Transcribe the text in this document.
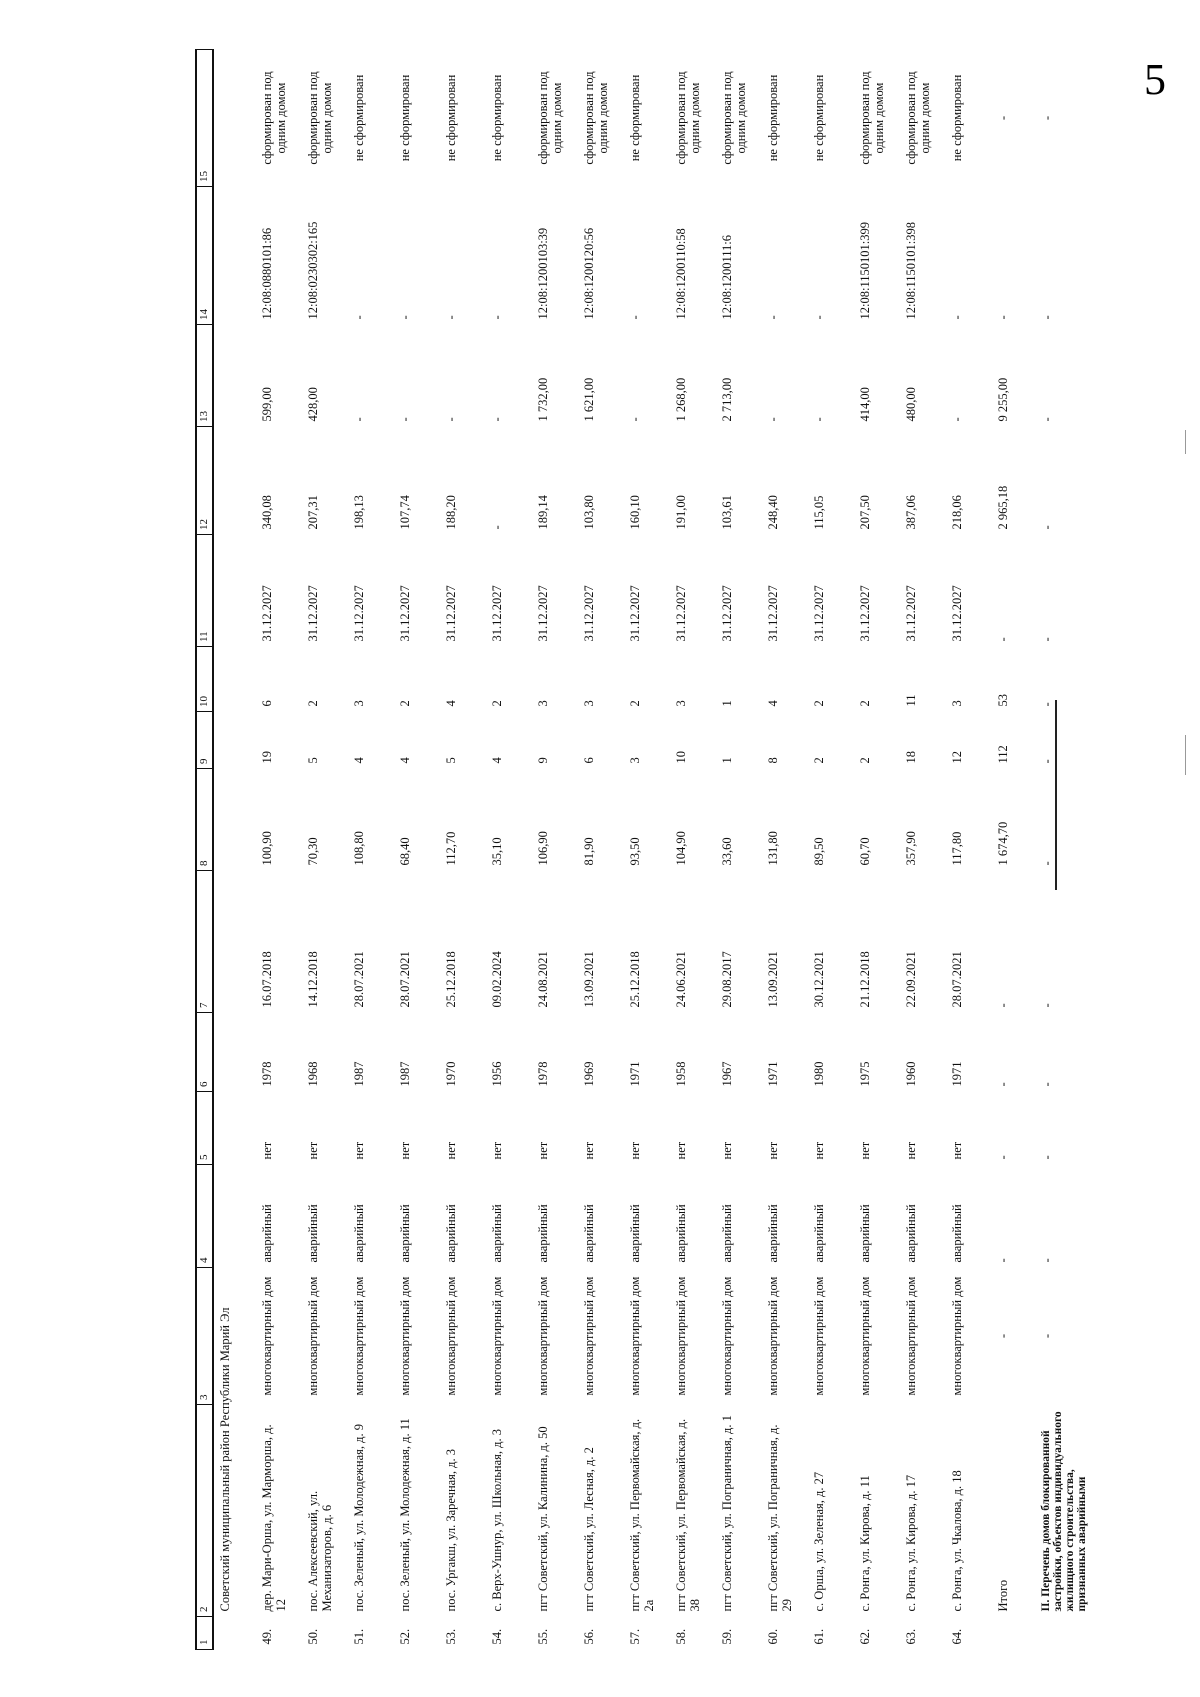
5
1	2	3	4	5	6	7	8	9	10	11	12	13	14	15
	Советский муниципальный район Республики Марий Эл													
49.	дер. Мари-Орша, ул. Марморша, д. 12	многоквартирный дом	аварийный	нет	1978	16.07.2018	100,90	19	6	31.12.2027	340,08	599,00	12:08:0880101:86	сформирован под одним домом
50.	пос. Алексеевский, ул. Механизаторов, д. 6	многоквартирный дом	аварийный	нет	1968	14.12.2018	70,30	5	2	31.12.2027	207,31	428,00	12:08:0230302:165	сформирован под одним домом
51.	пос. Зеленый, ул. Молодежная, д. 9	многоквартирный дом	аварийный	нет	1987	28.07.2021	108,80	4	3	31.12.2027	198,13	-	-	не сформирован
52.	пос. Зеленый, ул. Молодежная, д. 11	многоквартирный дом	аварийный	нет	1987	28.07.2021	68,40	4	2	31.12.2027	107,74	-	-	не сформирован
53.	пос. Ургакш, ул. Заречная, д. 3	многоквартирный дом	аварийный	нет	1970	25.12.2018	112,70	5	4	31.12.2027	188,20	-	-	не сформирован
54.	с. Верх-Ушнур, ул. Школьная, д. 3	многоквартирный дом	аварийный	нет	1956	09.02.2024	35,10	4	2	31.12.2027	-	-	-	не сформирован
55.	пгт Советский, ул. Калинина, д. 50	многоквартирный дом	аварийный	нет	1978	24.08.2021	106,90	9	3	31.12.2027	189,14	1 732,00	12:08:1200103:39	сформирован под одним домом
56.	пгт Советский, ул. Лесная, д. 2	многоквартирный дом	аварийный	нет	1969	13.09.2021	81,90	6	3	31.12.2027	103,80	1 621,00	12:08:1200120:56	сформирован под одним домом
57.	пгт Советский, ул. Первомайская, д. 2а	многоквартирный дом	аварийный	нет	1971	25.12.2018	93,50	3	2	31.12.2027	160,10	-	-	не сформирован
58.	пгт Советский, ул. Первомайская, д. 38	многоквартирный дом	аварийный	нет	1958	24.06.2021	104,90	10	3	31.12.2027	191,00	1 268,00	12:08:1200110:58	сформирован под одним домом
59.	пгт Советский, ул. Пограничная, д. 1	многоквартирный дом	аварийный	нет	1967	29.08.2017	33,60	1	1	31.12.2027	103,61	2 713,00	12:08:1200111:6	сформирован под одним домом
60.	пгт Советский, ул. Пограничная, д. 29	многоквартирный дом	аварийный	нет	1971	13.09.2021	131,80	8	4	31.12.2027	248,40	-	-	не сформирован
61.	с. Орша, ул. Зеленая, д. 27	многоквартирный дом	аварийный	нет	1980	30.12.2021	89,50	2	2	31.12.2027	115,05	-	-	не сформирован
62.	с. Ронга, ул. Кирова, д. 11	многоквартирный дом	аварийный	нет	1975	21.12.2018	60,70	2	2	31.12.2027	207,50	414,00	12:08:1150101:399	сформирован под одним домом
63.	с. Ронга, ул. Кирова, д. 17	многоквартирный дом	аварийный	нет	1960	22.09.2021	357,90	18	11	31.12.2027	387,06	480,00	12:08:1150101:398	сформирован под одним домом
64.	с. Ронга, ул. Чкалова, д. 18	многоквартирный дом	аварийный	нет	1971	28.07.2021	117,80	12	3	31.12.2027	218,06	-	-	не сформирован
	Итого	-	-	-	-	-	1 674,70	112	53	-	2 965,18	9 255,00	-	-
	II. Перечень домов блокированной застройки, объектов индивидуального жилищного строительства, признанных аварийными	-	-	-	-	-	-	-	-	-	-	-	-	-
